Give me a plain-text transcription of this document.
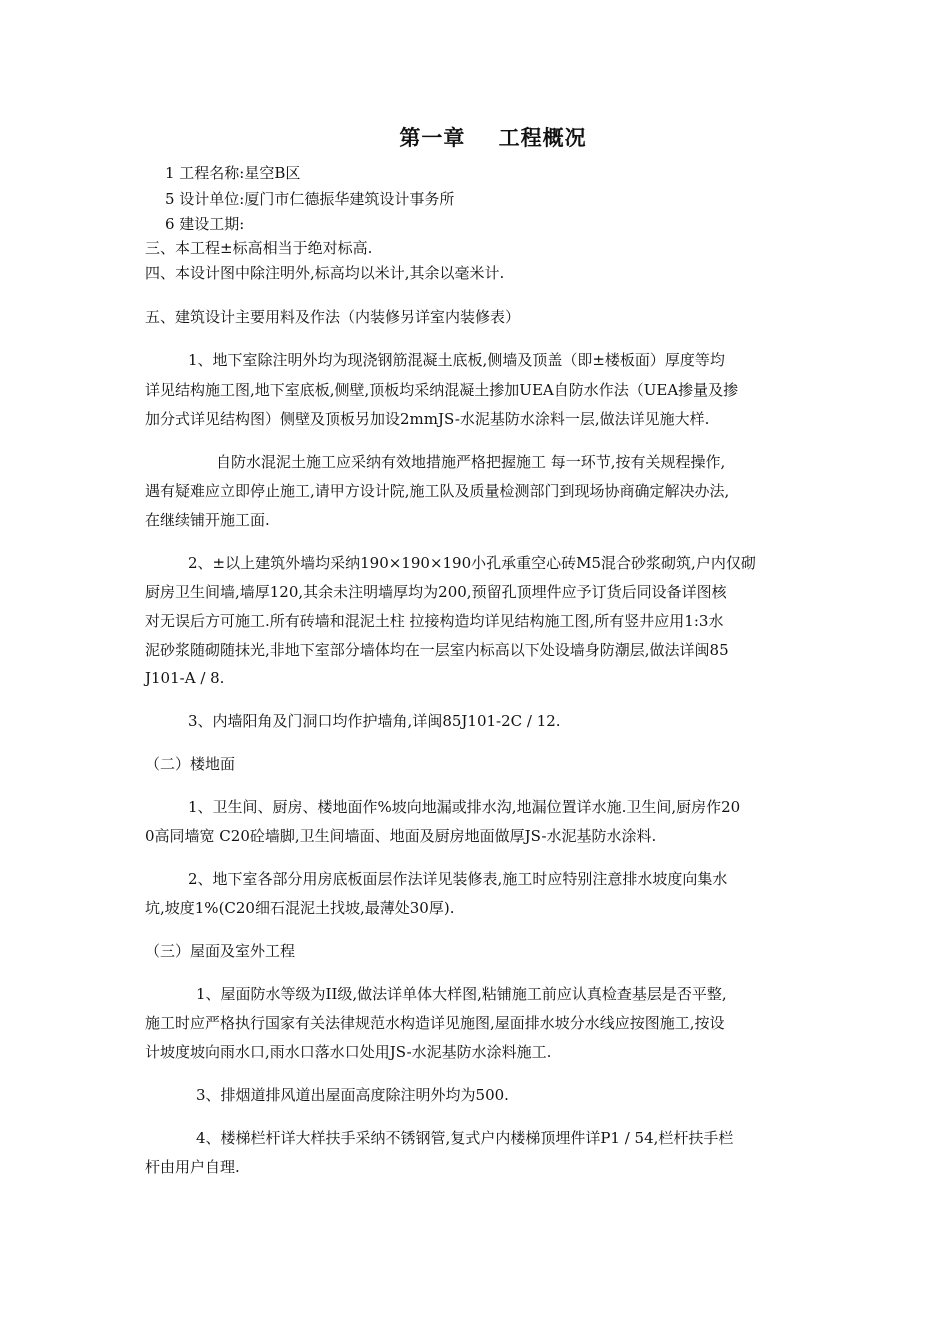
第一章    工程概况
1 工程名称:星空B区
5 设计单位:厦门市仁德振华建筑设计事务所
6 建设工期:
三、本工程±标高相当于绝对标高.
四、本设计图中除注明外,标高均以米计,其余以毫米计.
五、建筑设计主要用料及作法（内装修另详室内装修表）
1、地下室除注明外均为现浇钢筋混凝土底板,侧墙及顶盖（即±楼板面）厚度等均
详见结构施工图,地下室底板,侧壁,顶板均采纳混凝土掺加UEA自防水作法（UEA掺量及掺
加分式详见结构图）侧壁及顶板另加设2mmJS-水泥基防水涂料一层,做法详见施大样.
自防水混泥土施工应采纳有效地措施严格把握施工 每一环节,按有关规程操作,
遇有疑难应立即停止施工,请甲方设计院,施工队及质量检测部门到现场协商确定解决办法,
在继续铺开施工面.
2、±以上建筑外墙均采纳190×190×190小孔承重空心砖M5混合砂浆砌筑,户内仅砌
厨房卫生间墙,墙厚120,其余未注明墙厚均为200,预留孔顶埋件应予订货后同设备详图核
对无误后方可施工.所有砖墙和混泥土柱 拉接构造均详见结构施工图,所有竖井应用1:3水
泥砂浆随砌随抹光,非地下室部分墙体均在一层室内标高以下处设墙身防潮层,做法详闽85
J101-A / 8.
3、内墙阳角及门洞口均作护墙角,详闽85J101-2C / 12.
（二）楼地面
1、卫生间、厨房、楼地面作%坡向地漏或排水沟,地漏位置详水施.卫生间,厨房作20
0高同墙宽 C20砼墙脚,卫生间墙面、地面及厨房地面做厚JS-水泥基防水涂料.
2、地下室各部分用房底板面层作法详见装修表,施工时应特别注意排水坡度向集水
坑,坡度1%(C20细石混泥土找坡,最薄处30厚).
（三）屋面及室外工程
1、屋面防水等级为II级,做法详单体大样图,粘铺施工前应认真检查基层是否平整,
施工时应严格执行国家有关法律规范水构造详见施图,屋面排水坡分水线应按图施工,按设
计坡度坡向雨水口,雨水口落水口处用JS-水泥基防水涂料施工.
3、排烟道排风道出屋面高度除注明外均为500.
4、楼梯栏杆详大样扶手采纳不锈钢管,复式户内楼梯顶埋件详P1 / 54,栏杆扶手栏
杆由用户自理.
